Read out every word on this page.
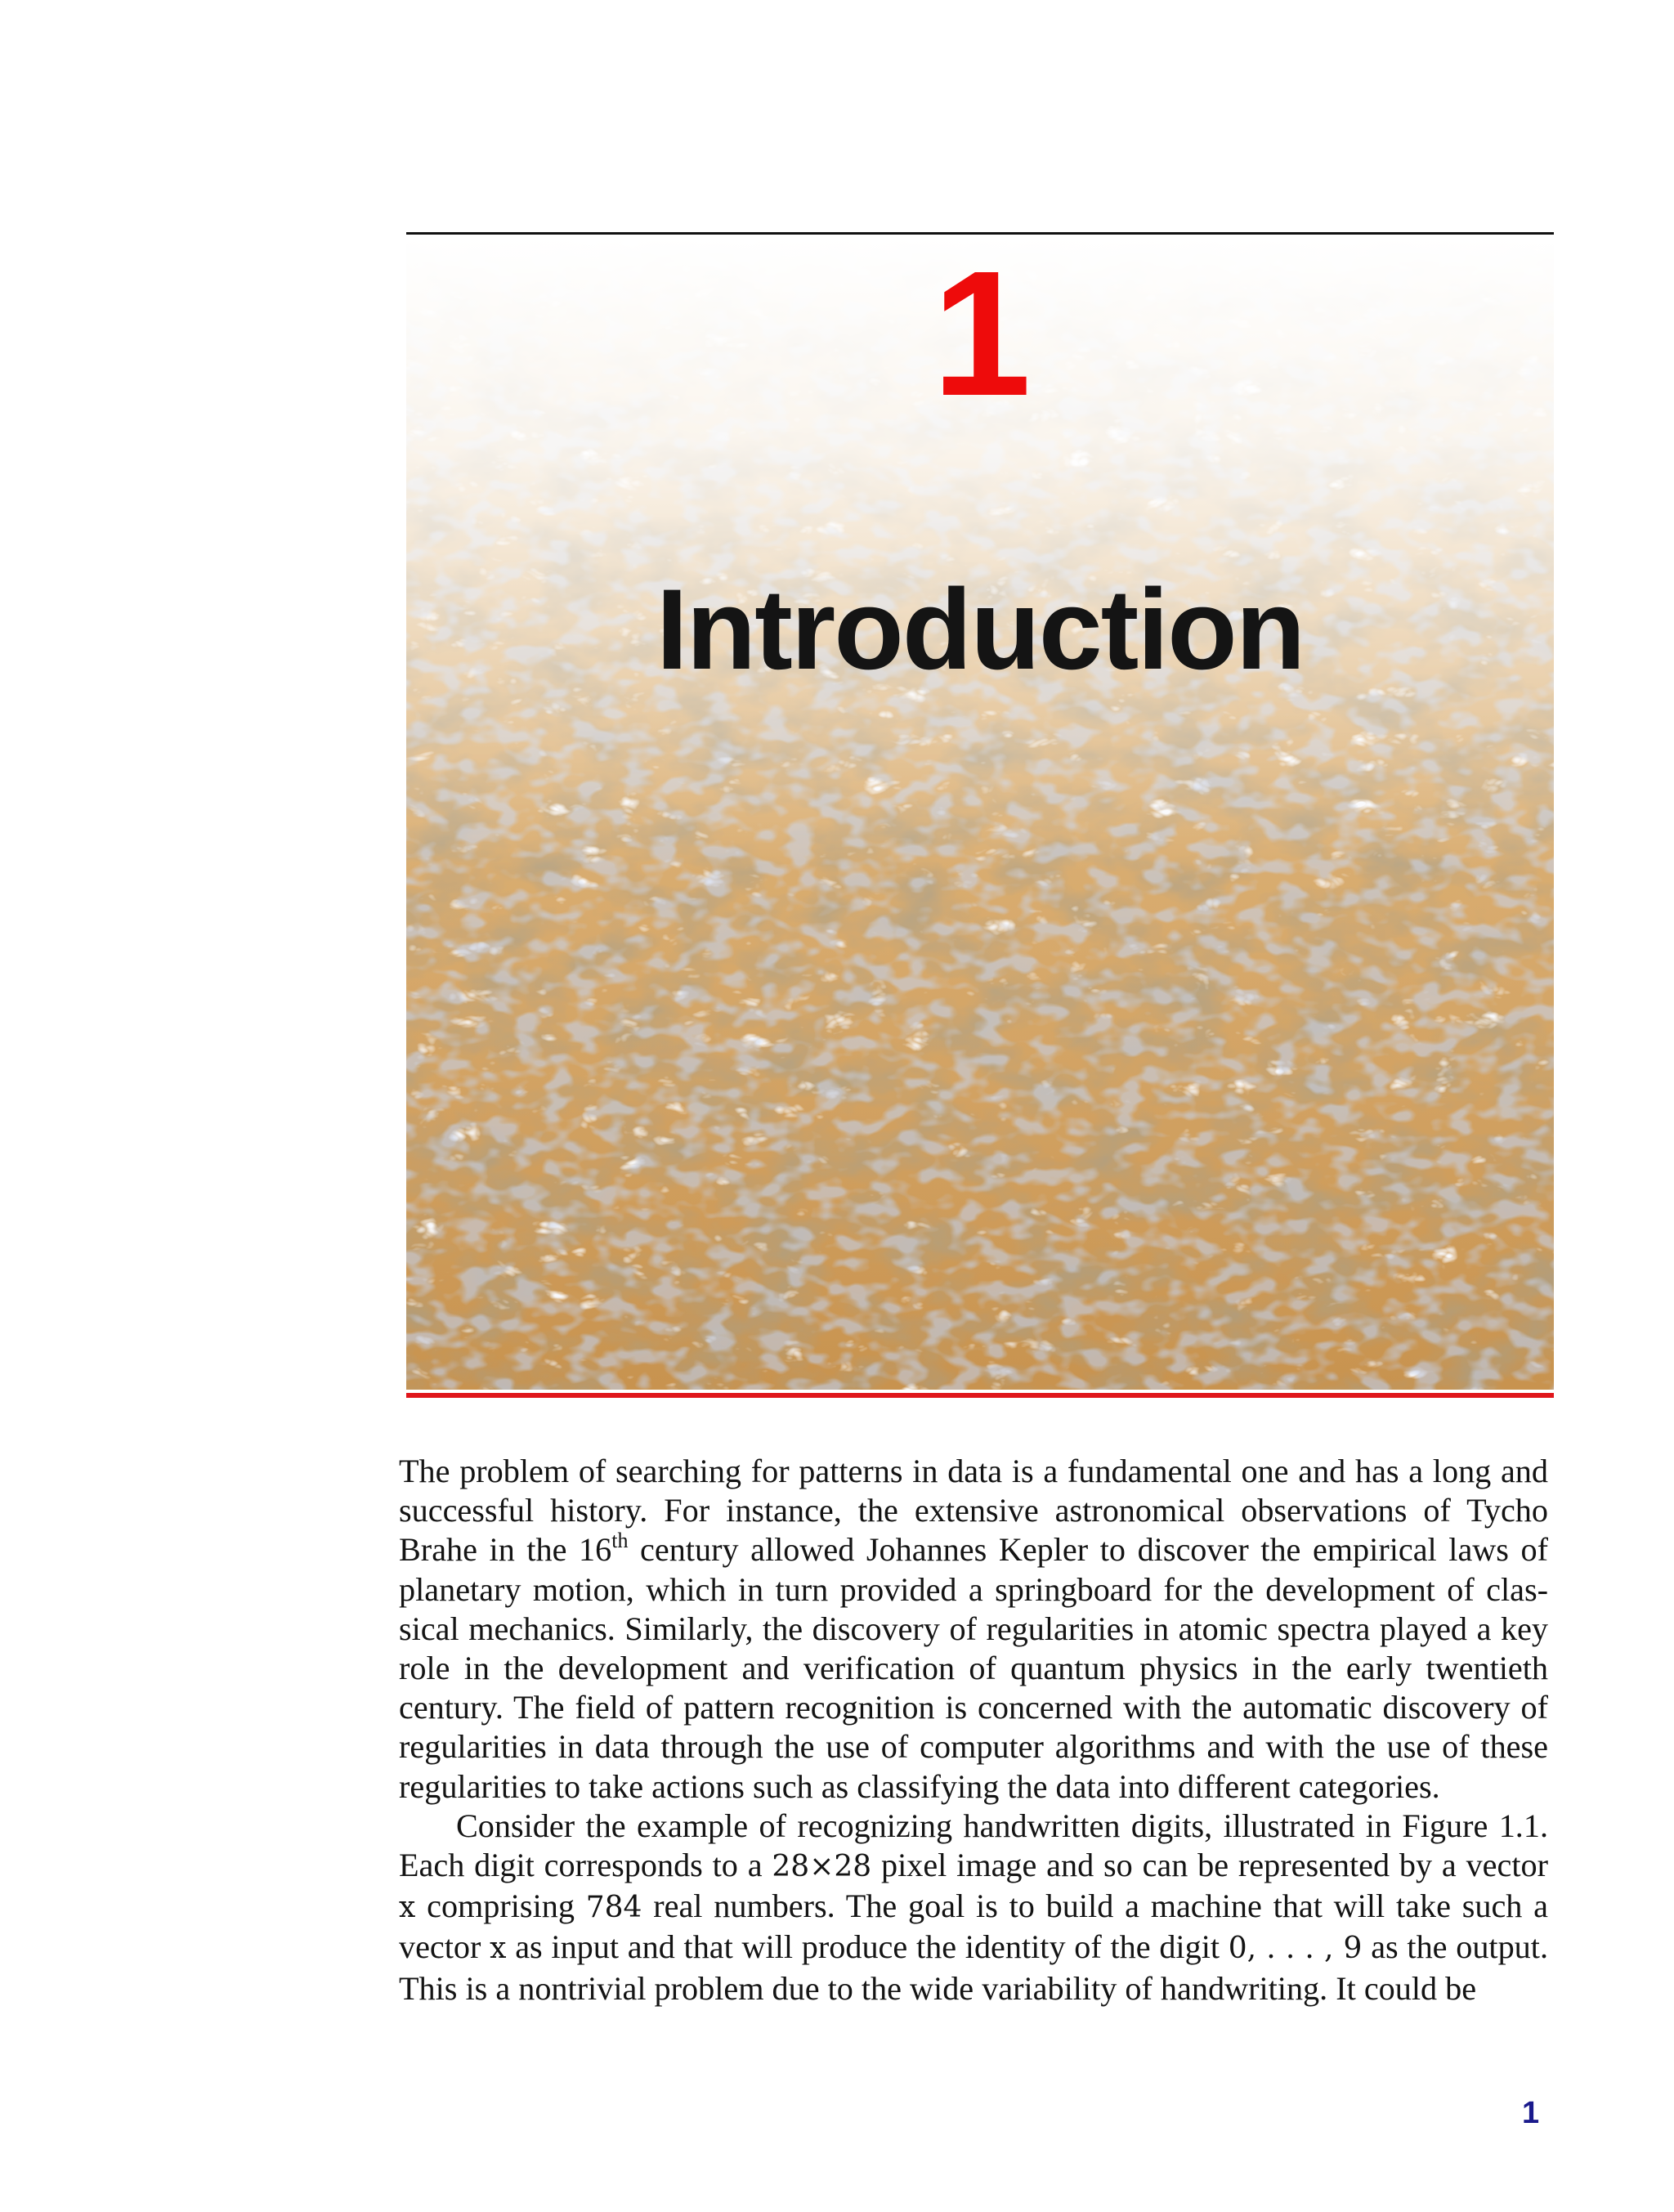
1
Introduction

The problem of searching for patterns in data is a fundamental one and has a long and successful history. For instance, the extensive astronomical observations of Tycho Brahe in the 16th century allowed Johannes Kepler to discover the empirical laws of planetary motion, which in turn provided a springboard for the development of classical mechanics. Similarly, the discovery of regularities in atomic spectra played a key role in the development and verification of quantum physics in the early twentieth century. The field of pattern recognition is concerned with the automatic discovery of regularities in data through the use of computer algorithms and with the use of these regularities to take actions such as classifying the data into different categories.

Consider the example of recognizing handwritten digits, illustrated in Figure 1.1. Each digit corresponds to a 28×28 pixel image and so can be represented by a vector x comprising 784 real numbers. The goal is to build a machine that will take such a vector x as input and that will produce the identity of the digit 0, . . . , 9 as the output. This is a nontrivial problem due to the wide variability of handwriting. It could be

1
